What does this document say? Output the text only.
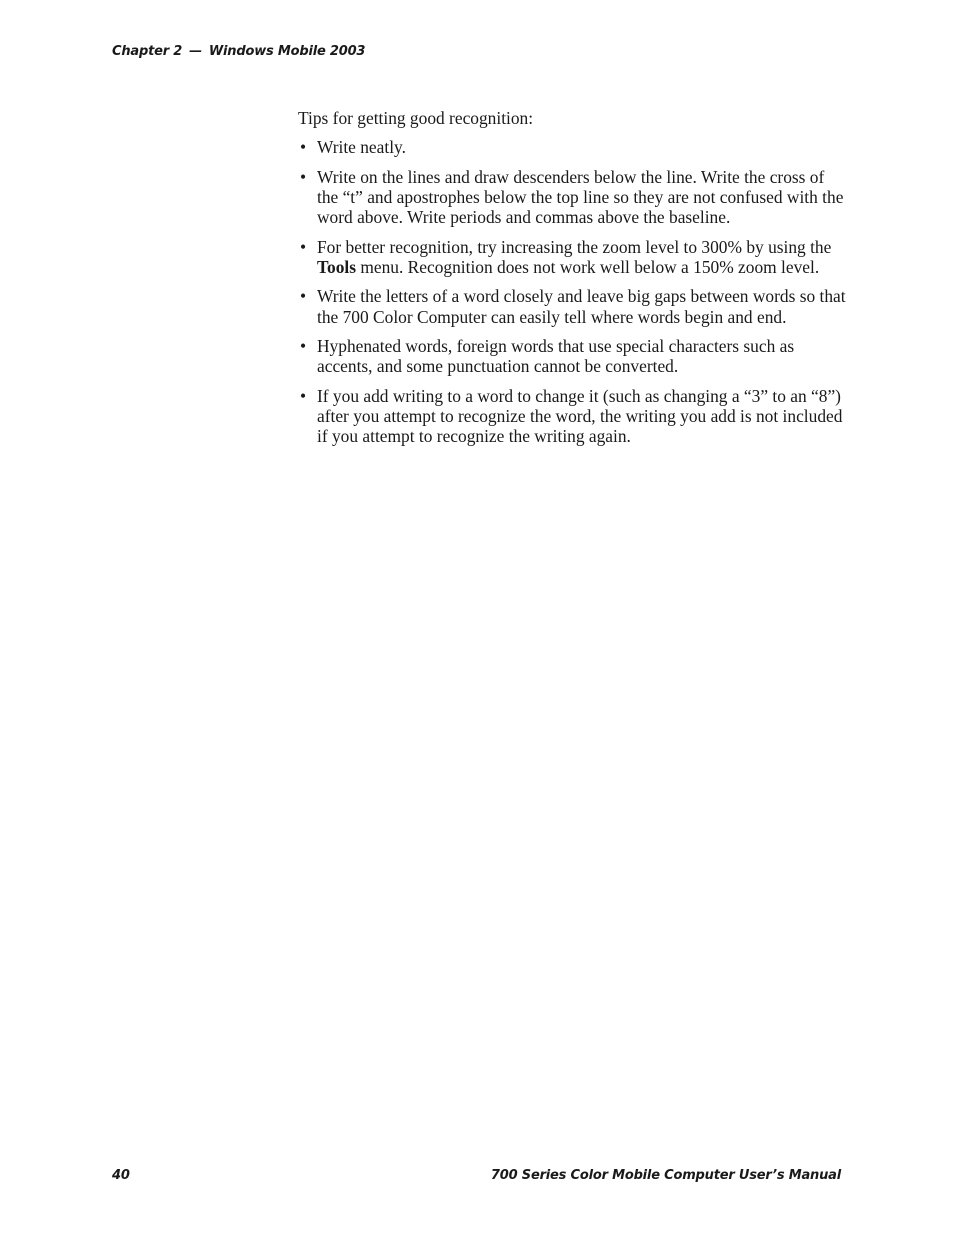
Chapter 2 — Windows Mobile 2003

Tips for getting good recognition:

• Write neatly.
• Write on the lines and draw descenders below the line. Write the cross of the “t” and apostrophes below the top line so they are not confused with the word above. Write periods and commas above the baseline.
• For better recognition, try increasing the zoom level to 300% by using the Tools menu. Recognition does not work well below a 150% zoom level.
• Write the letters of a word closely and leave big gaps between words so that the 700 Color Computer can easily tell where words begin and end.
• Hyphenated words, foreign words that use special characters such as accents, and some punctuation cannot be converted.
• If you add writing to a word to change it (such as changing a “3” to an “8”) after you attempt to recognize the word, the writing you add is not included if you attempt to recognize the writing again.
40	700 Series Color Mobile Computer User’s Manual
